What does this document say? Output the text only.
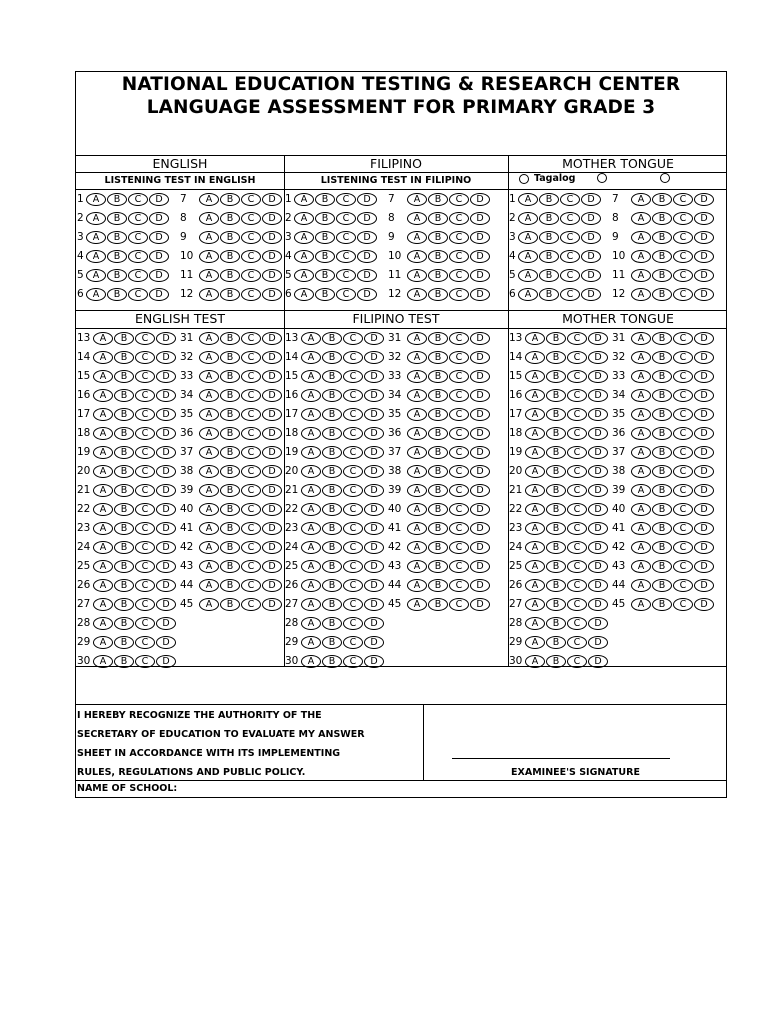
NATIONAL EDUCATION TESTING & RESEARCH CENTER
LANGUAGE ASSESSMENT FOR PRIMARY GRADE 3
ENGLISH	FILIPINO	MOTHER TONGUE
LISTENING TEST IN ENGLISH	LISTENING TEST IN FILIPINO	Tagalog
ENGLISH TEST	FILIPINO TEST	MOTHER TONGUE
1 A	B	C	D	7	A	B	C	D
2 A	B	C	D	8	A	B	C	D
3 A	B	C	D	9	A	B	C	D
4 A	B	C	D	10	A	B	C	D
5 A	B	C	D	11	A	B	C	D
6 A	B	C	D	12	A	B	C	D
1 A	B	C	D	7	A	B	C	D
2 A	B	C	D	8	A	B	C	D
3 A	B	C	D	9	A	B	C	D
4 A	B	C	D	10	A	B	C	D
5 A	B	C	D	11	A	B	C	D
6 A	B	C	D	12	A	B	C	D
1 A	B	C	D	7	A	B	C	D
2 A	B	C	D	8	A	B	C	D
3 A	B	C	D	9	A	B	C	D
4 A	B	C	D	10	A	B	C	D
5 A	B	C	D	11	A	B	C	D
6 A	B	C	D	12	A	B	C	D
13 A	B	C	D 31	A	B	C	D
14 A	B	C	D 32	A	B	C	D
15 A	B	C	D 33	A	B	C	D
16 A	B	C	D 34	A	B	C	D
17 A	B	C	D 35	A	B	C	D
18 A	B	C	D 36	A	B	C	D
19 A	B	C	D 37	A	B	C	D
20 A	B	C	D 38	A	B	C	D
21 A	B	C	D 39	A	B	C	D
22 A	B	C	D 40	A	B	C	D
23 A	B	C	D 41	A	B	C	D
24 A	B	C	D 42	A	B	C	D
25 A	B	C	D 43	A	B	C	D
26 A	B	C	D 44	A	B	C	D
27 A	B	C	D 45	A	B	C	D
28 A	B	C	D
29 A	B	C	D
30 A	B	C	D
13 A	B	C	D 31	A	B	C	D
14 A	B	C	D 32	A	B	C	D
15 A	B	C	D 33	A	B	C	D
16 A	B	C	D 34	A	B	C	D
17 A	B	C	D 35	A	B	C	D
18 A	B	C	D 36	A	B	C	D
19 A	B	C	D 37	A	B	C	D
20 A	B	C	D 38	A	B	C	D
21 A	B	C	D 39	A	B	C	D
22 A	B	C	D 40	A	B	C	D
23 A	B	C	D 41	A	B	C	D
24 A	B	C	D 42	A	B	C	D
25 A	B	C	D 43	A	B	C	D
26 A	B	C	D 44	A	B	C	D
27 A	B	C	D 45	A	B	C	D
28 A	B	C	D
29 A	B	C	D
30 A	B	C	D
13 A	B	C	D 31	A	B	C	D
14 A	B	C	D 32	A	B	C	D
15 A	B	C	D 33	A	B	C	D
16 A	B	C	D 34	A	B	C	D
17 A	B	C	D 35	A	B	C	D
18 A	B	C	D 36	A	B	C	D
19 A	B	C	D 37	A	B	C	D
20 A	B	C	D 38	A	B	C	D
21 A	B	C	D 39	A	B	C	D
22 A	B	C	D 40	A	B	C	D
23 A	B	C	D 41	A	B	C	D
24 A	B	C	D 42	A	B	C	D
25 A	B	C	D 43	A	B	C	D
26 A	B	C	D 44	A	B	C	D
27 A	B	C	D 45	A	B	C	D
28 A	B	C	D
29 A	B	C	D
30 A	B	C	D
I HEREBY RECOGNIZE THE AUTHORITY OF THE
SECRETARY OF EDUCATION TO EVALUATE MY ANSWER
SHEET IN ACCORDANCE WITH ITS IMPLEMENTING
RULES, REGULATIONS AND PUBLIC POLICY.	EXAMINEE'S SIGNATURE
NAME OF SCHOOL:
